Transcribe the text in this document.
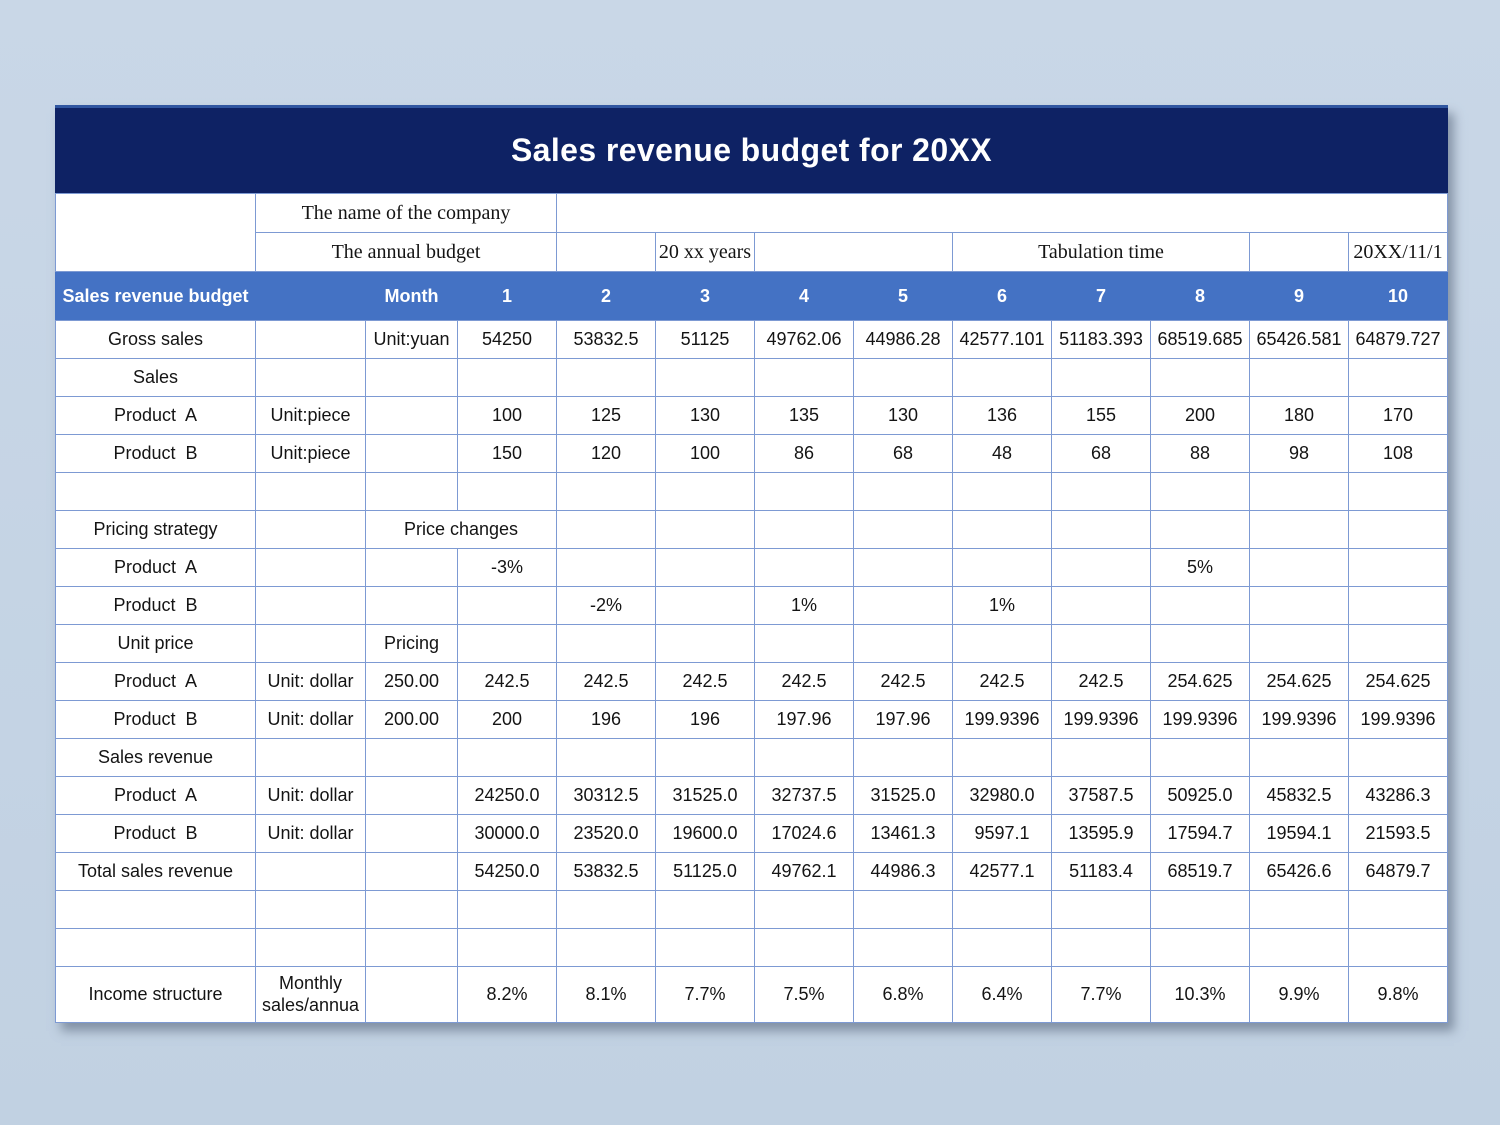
Sales revenue budget for 20XX
	The name of the company											
	The annual budget				20 xx years			Tabulation time				20XX/11/1
Sales revenue budget		Month	1	2	3	4	5	6	7	8	9	10
Gross sales		Unit:yuan	54250	53832.5	51125	49762.06	44986.28	42577.101	51183.393	68519.685	65426.581	64879.727
Sales												
Product  A	Unit:piece		100	125	130	135	130	136	155	200	180	170
Product  B	Unit:piece		150	120	100	86	68	48	68	88	98	108

Pricing strategy		Price changes										
Product  A			-3%							5%		
Product  B				-2%		1%		1%				
Unit price		Pricing										
Product  A	Unit: dollar	250.00	242.5	242.5	242.5	242.5	242.5	242.5	242.5	254.625	254.625	254.625
Product  B	Unit: dollar	200.00	200	196	196	197.96	197.96	199.9396	199.9396	199.9396	199.9396	199.9396
Sales revenue												
Product  A	Unit: dollar		24250.0	30312.5	31525.0	32737.5	31525.0	32980.0	37587.5	50925.0	45832.5	43286.3
Product  B	Unit: dollar		30000.0	23520.0	19600.0	17024.6	13461.3	9597.1	13595.9	17594.7	19594.1	21593.5
Total sales revenue			54250.0	53832.5	51125.0	49762.1	44986.3	42577.1	51183.4	68519.7	65426.6	64879.7

Income structure	Monthly sales/annua		8.2%	8.1%	7.7%	7.5%	6.8%	6.4%	7.7%	10.3%	9.9%	9.8%
